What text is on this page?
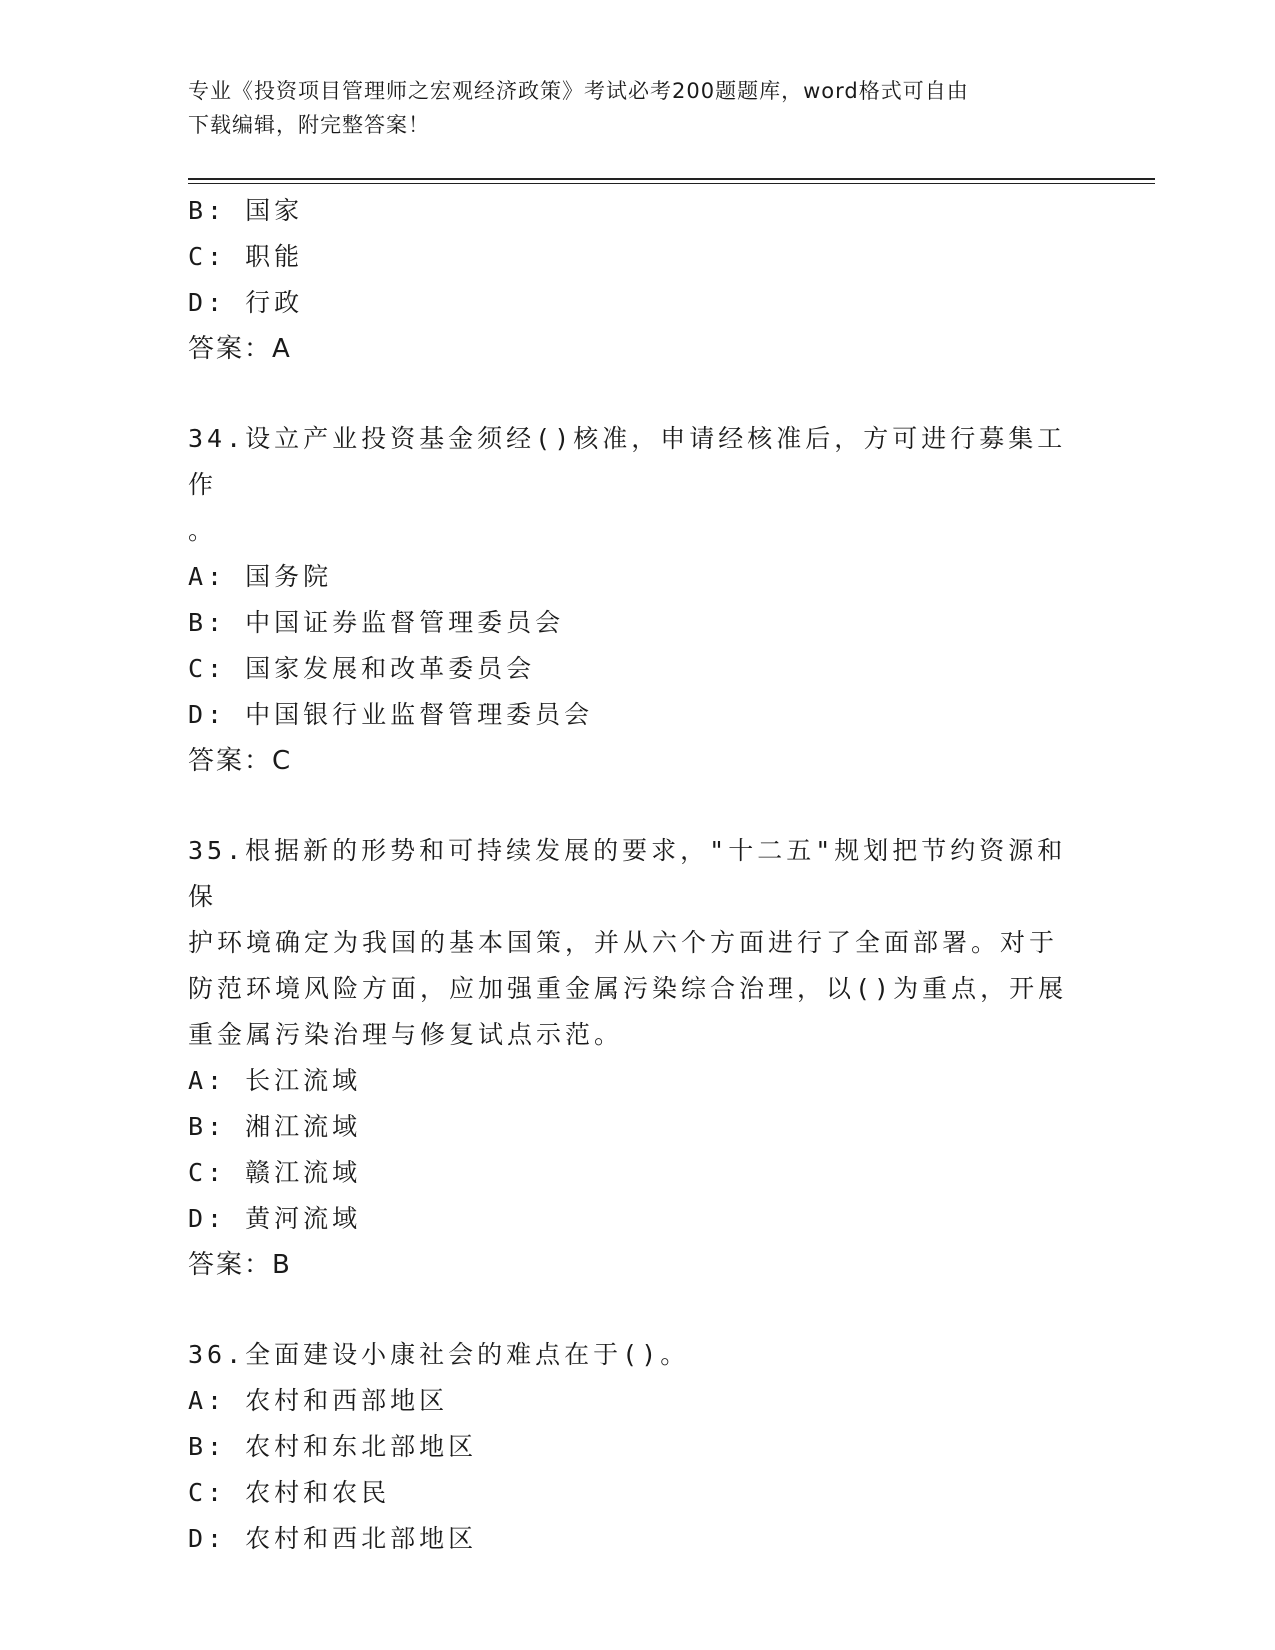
专业《投资项目管理师之宏观经济政策》考试必考200题题库，word格式可自由
下载编辑，附完整答案！
B: 国家
C: 职能
D: 行政
答案：A
34.设立产业投资基金须经()核准，申请经核准后，方可进行募集工作
。
A: 国务院
B: 中国证券监督管理委员会
C: 国家发展和改革委员会
D: 中国银行业监督管理委员会
答案：C
35.根据新的形势和可持续发展的要求，"十二五"规划把节约资源和保
护环境确定为我国的基本国策，并从六个方面进行了全面部署。对于
防范环境风险方面，应加强重金属污染综合治理，以()为重点，开展
重金属污染治理与修复试点示范。
A: 长江流域
B: 湘江流域
C: 赣江流域
D: 黄河流域
答案：B
36.全面建设小康社会的难点在于()。
A: 农村和西部地区
B: 农村和东北部地区
C: 农村和农民
D: 农村和西北部地区
